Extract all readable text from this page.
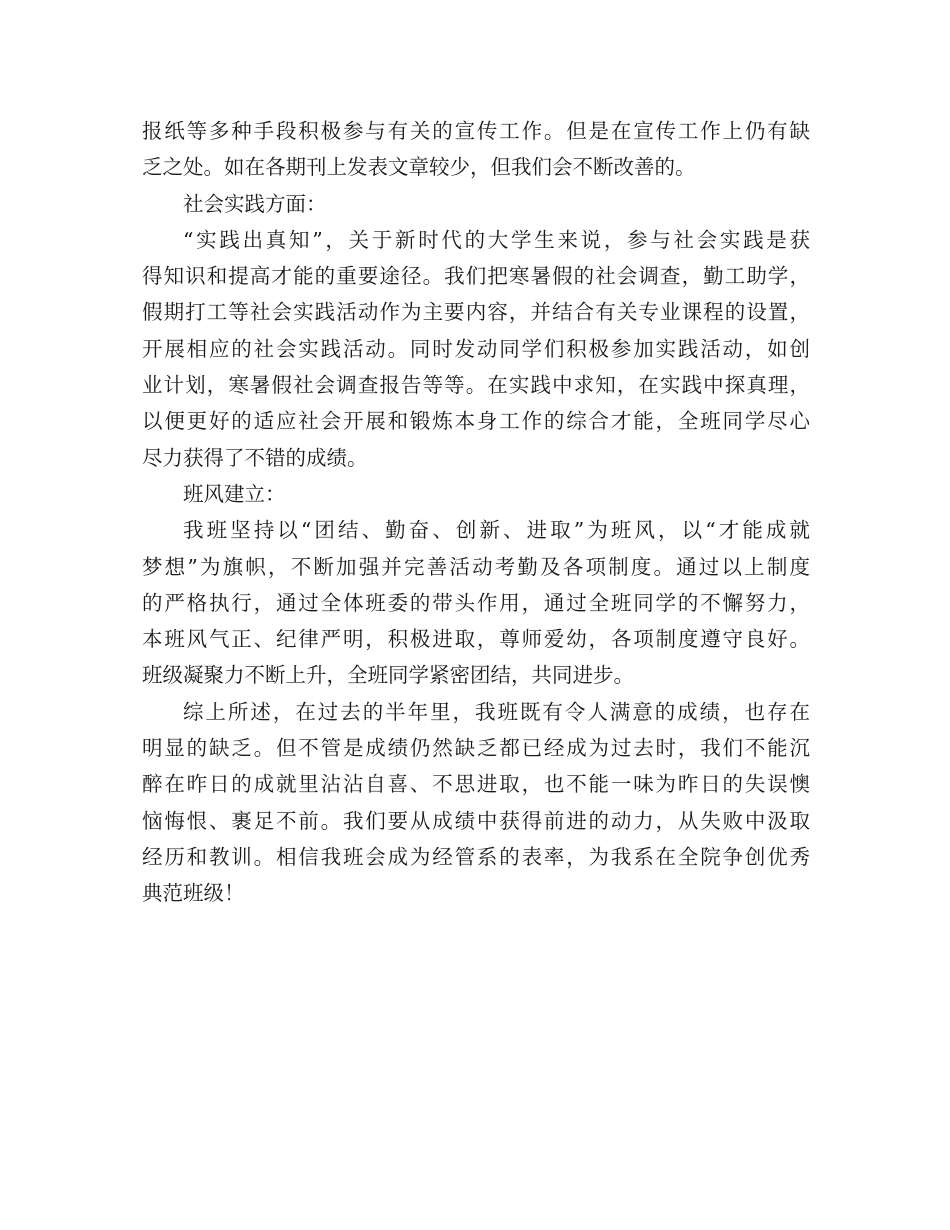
报纸等多种手段积极参与有关的宣传工作。但是在宣传工作上仍有缺
乏之处。如在各期刊上发表文章较少，但我们会不断改善的。
社会实践方面：
“实践出真知”，关于新时代的大学生来说，参与社会实践是获
得知识和提高才能的重要途径。我们把寒暑假的社会调查，勤工助学，
假期打工等社会实践活动作为主要内容，并结合有关专业课程的设置，
开展相应的社会实践活动。同时发动同学们积极参加实践活动，如创
业计划，寒暑假社会调查报告等等。在实践中求知，在实践中探真理，
以便更好的适应社会开展和锻炼本身工作的综合才能，全班同学尽心
尽力获得了不错的成绩。
班风建立：
我班坚持以“团结、勤奋、创新、进取”为班风，以“才能成就
梦想”为旗帜，不断加强并完善活动考勤及各项制度。通过以上制度
的严格执行，通过全体班委的带头作用，通过全班同学的不懈努力，
本班风气正、纪律严明，积极进取，尊师爱幼，各项制度遵守良好。
班级凝聚力不断上升，全班同学紧密团结，共同进步。
综上所述，在过去的半年里，我班既有令人满意的成绩，也存在
明显的缺乏。但不管是成绩仍然缺乏都已经成为过去时，我们不能沉
醉在昨日的成就里沾沾自喜、不思进取，也不能一味为昨日的失误懊
恼悔恨、裹足不前。我们要从成绩中获得前进的动力，从失败中汲取
经历和教训。相信我班会成为经管系的表率，为我系在全院争创优秀
典范班级！
